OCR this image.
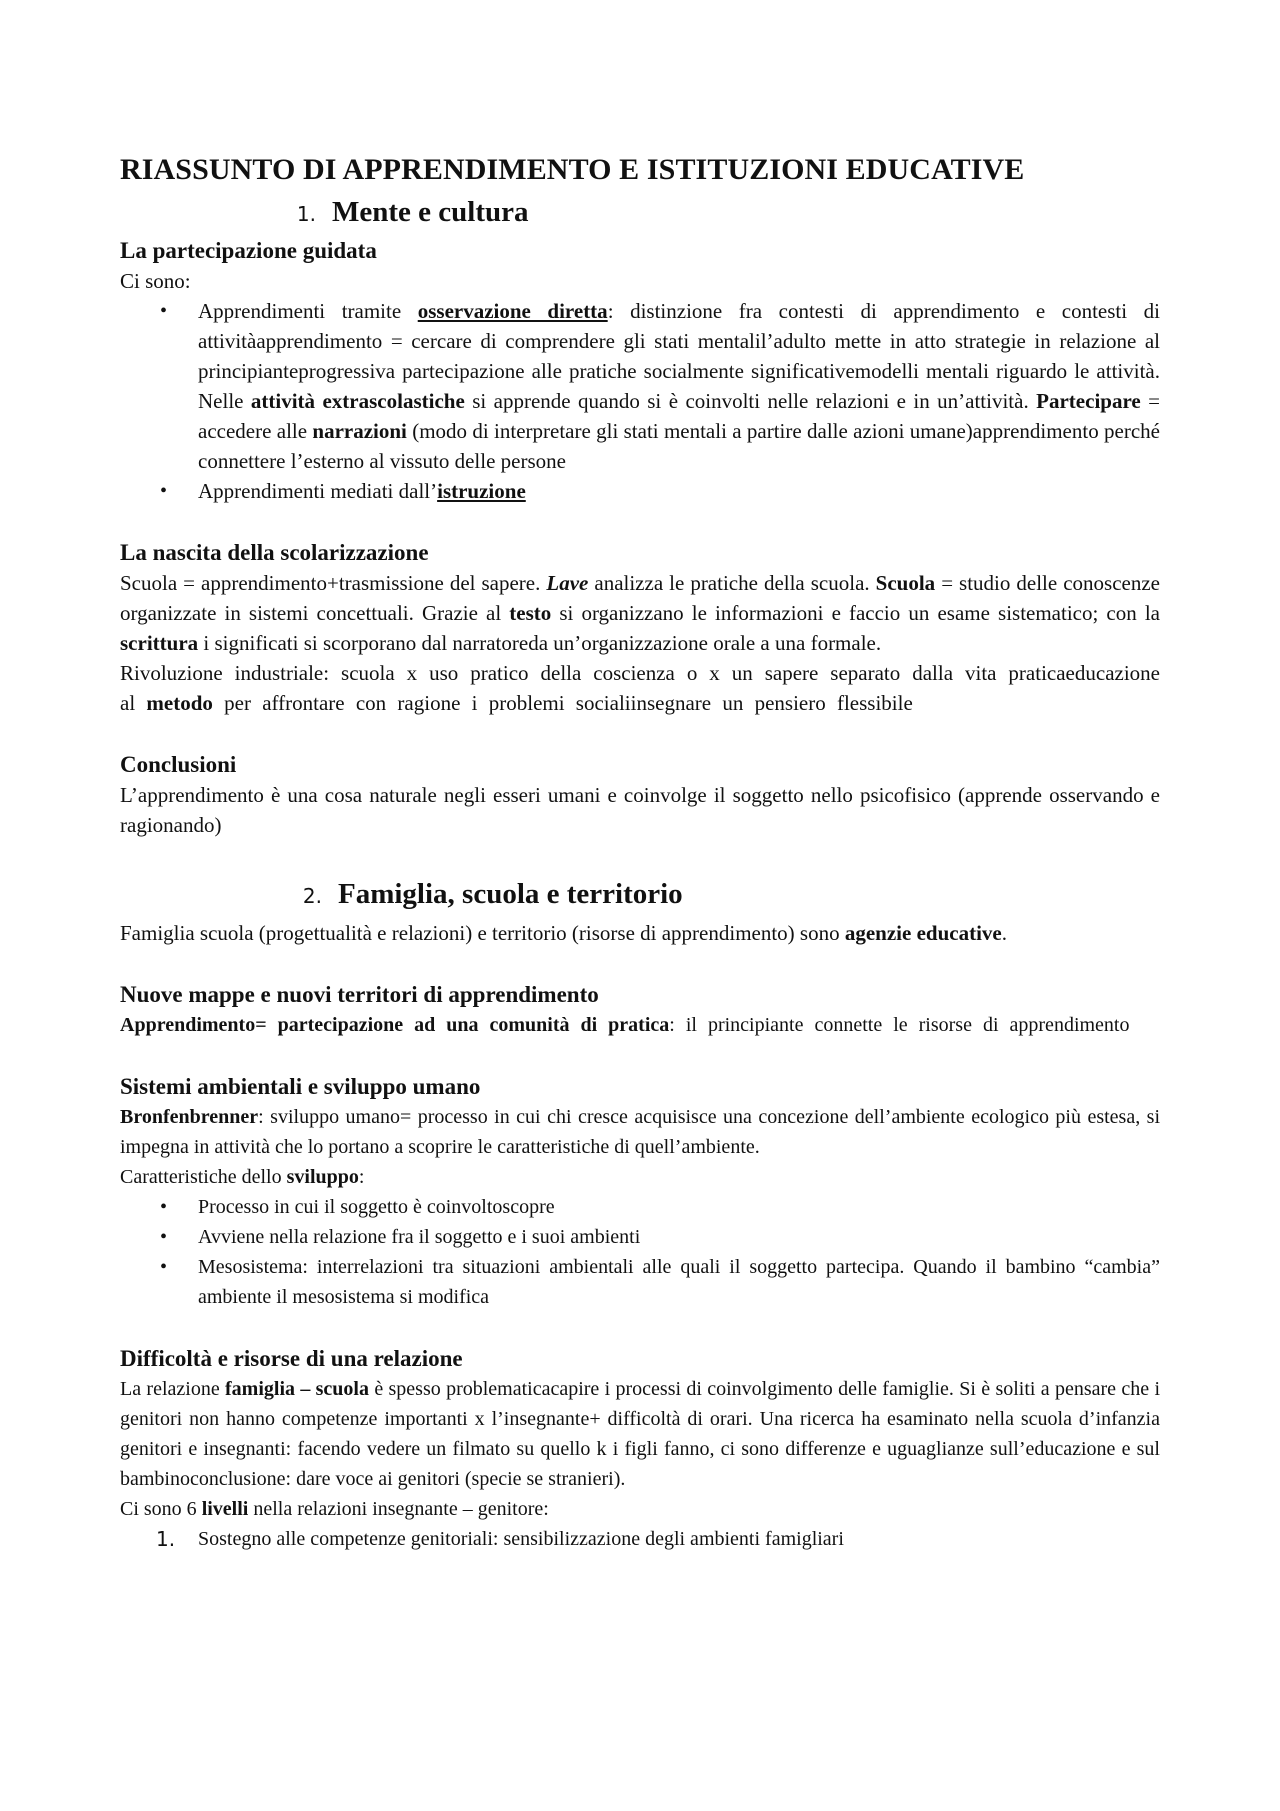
RIASSUNTO DI APPRENDIMENTO E ISTITUZIONI EDUCATIVE
1. Mente e cultura
La partecipazione guidata

Ci sono:

• Apprendimenti tramite osservazione diretta: distinzione fra contesti di apprendimento e contesti di attivitàapprendimento = cercare di comprendere gli stati mentalil’adulto mette in atto strategie in relazione al principianteprogressiva partecipazione alle pratiche socialmente significativemodelli mentali riguardo le attività. Nelle attività extrascolastiche si apprende quando si è coinvolti nelle relazioni e in un’attività. Partecipare = accedere alle narrazioni (modo di interpretare gli stati mentali a partire dalle azioni umane)apprendimento perché connettere l’esterno al vissuto delle persone
• Apprendimenti mediati dall’istruzione
La nascita della scolarizzazione

Scuola = apprendimento+trasmissione del sapere. Lave analizza le pratiche della scuola. Scuola = studio delle conoscenze organizzate in sistemi concettuali. Grazie al testo si organizzano le informazioni e faccio un esame sistematico; con la scrittura i significati si scorporano dal narratoreda un’organizzazione orale a una formale.

Rivoluzione industriale: scuola x uso pratico della coscienza o x un sapere separato dalla vita praticaeducazione al metodo per affrontare con ragione i problemi socialiinsegnare un pensiero flessibile

Conclusioni

L’apprendimento è una cosa naturale negli esseri umani e coinvolge il soggetto nello psicofisico (apprende osservando e ragionando)

2. Famiglia, scuola e territorio

Famiglia scuola (progettualità e relazioni) e territorio (risorse di apprendimento) sono agenzie educative.

Nuove mappe e nuovi territori di apprendimento

Apprendimento= partecipazione ad una comunità di pratica: il principiante connette le risorse di apprendimento

Sistemi ambientali e sviluppo umano

Bronfenbrenner: sviluppo umano= processo in cui chi cresce acquisisce una concezione dell’ambiente ecologico più estesa, si impegna in attività che lo portano a scoprire le caratteristiche di quell’ambiente.

Caratteristiche dello sviluppo:

• Processo in cui il soggetto è coinvoltoscopre
• Avviene nella relazione fra il soggetto e i suoi ambienti
• Mesosistema: interrelazioni tra situazioni ambientali alle quali il soggetto partecipa. Quando il bambino “cambia” ambiente il mesosistema si modifica
Difficoltà e risorse di una relazione

La relazione famiglia – scuola è spesso problematicacapire i processi di coinvolgimento delle famiglie. Si è soliti a pensare che i genitori non hanno competenze importanti x l’insegnante+ difficoltà di orari. Una ricerca ha esaminato nella scuola d’infanzia genitori e insegnanti: facendo vedere un filmato su quello k i figli fanno, ci sono differenze e uguaglianze sull’educazione e sul bambinoconclusione: dare voce ai genitori (specie se stranieri).

Ci sono 6 livelli nella relazioni insegnante – genitore:

1. Sostegno alle competenze genitoriali: sensibilizzazione degli ambienti famigliari
